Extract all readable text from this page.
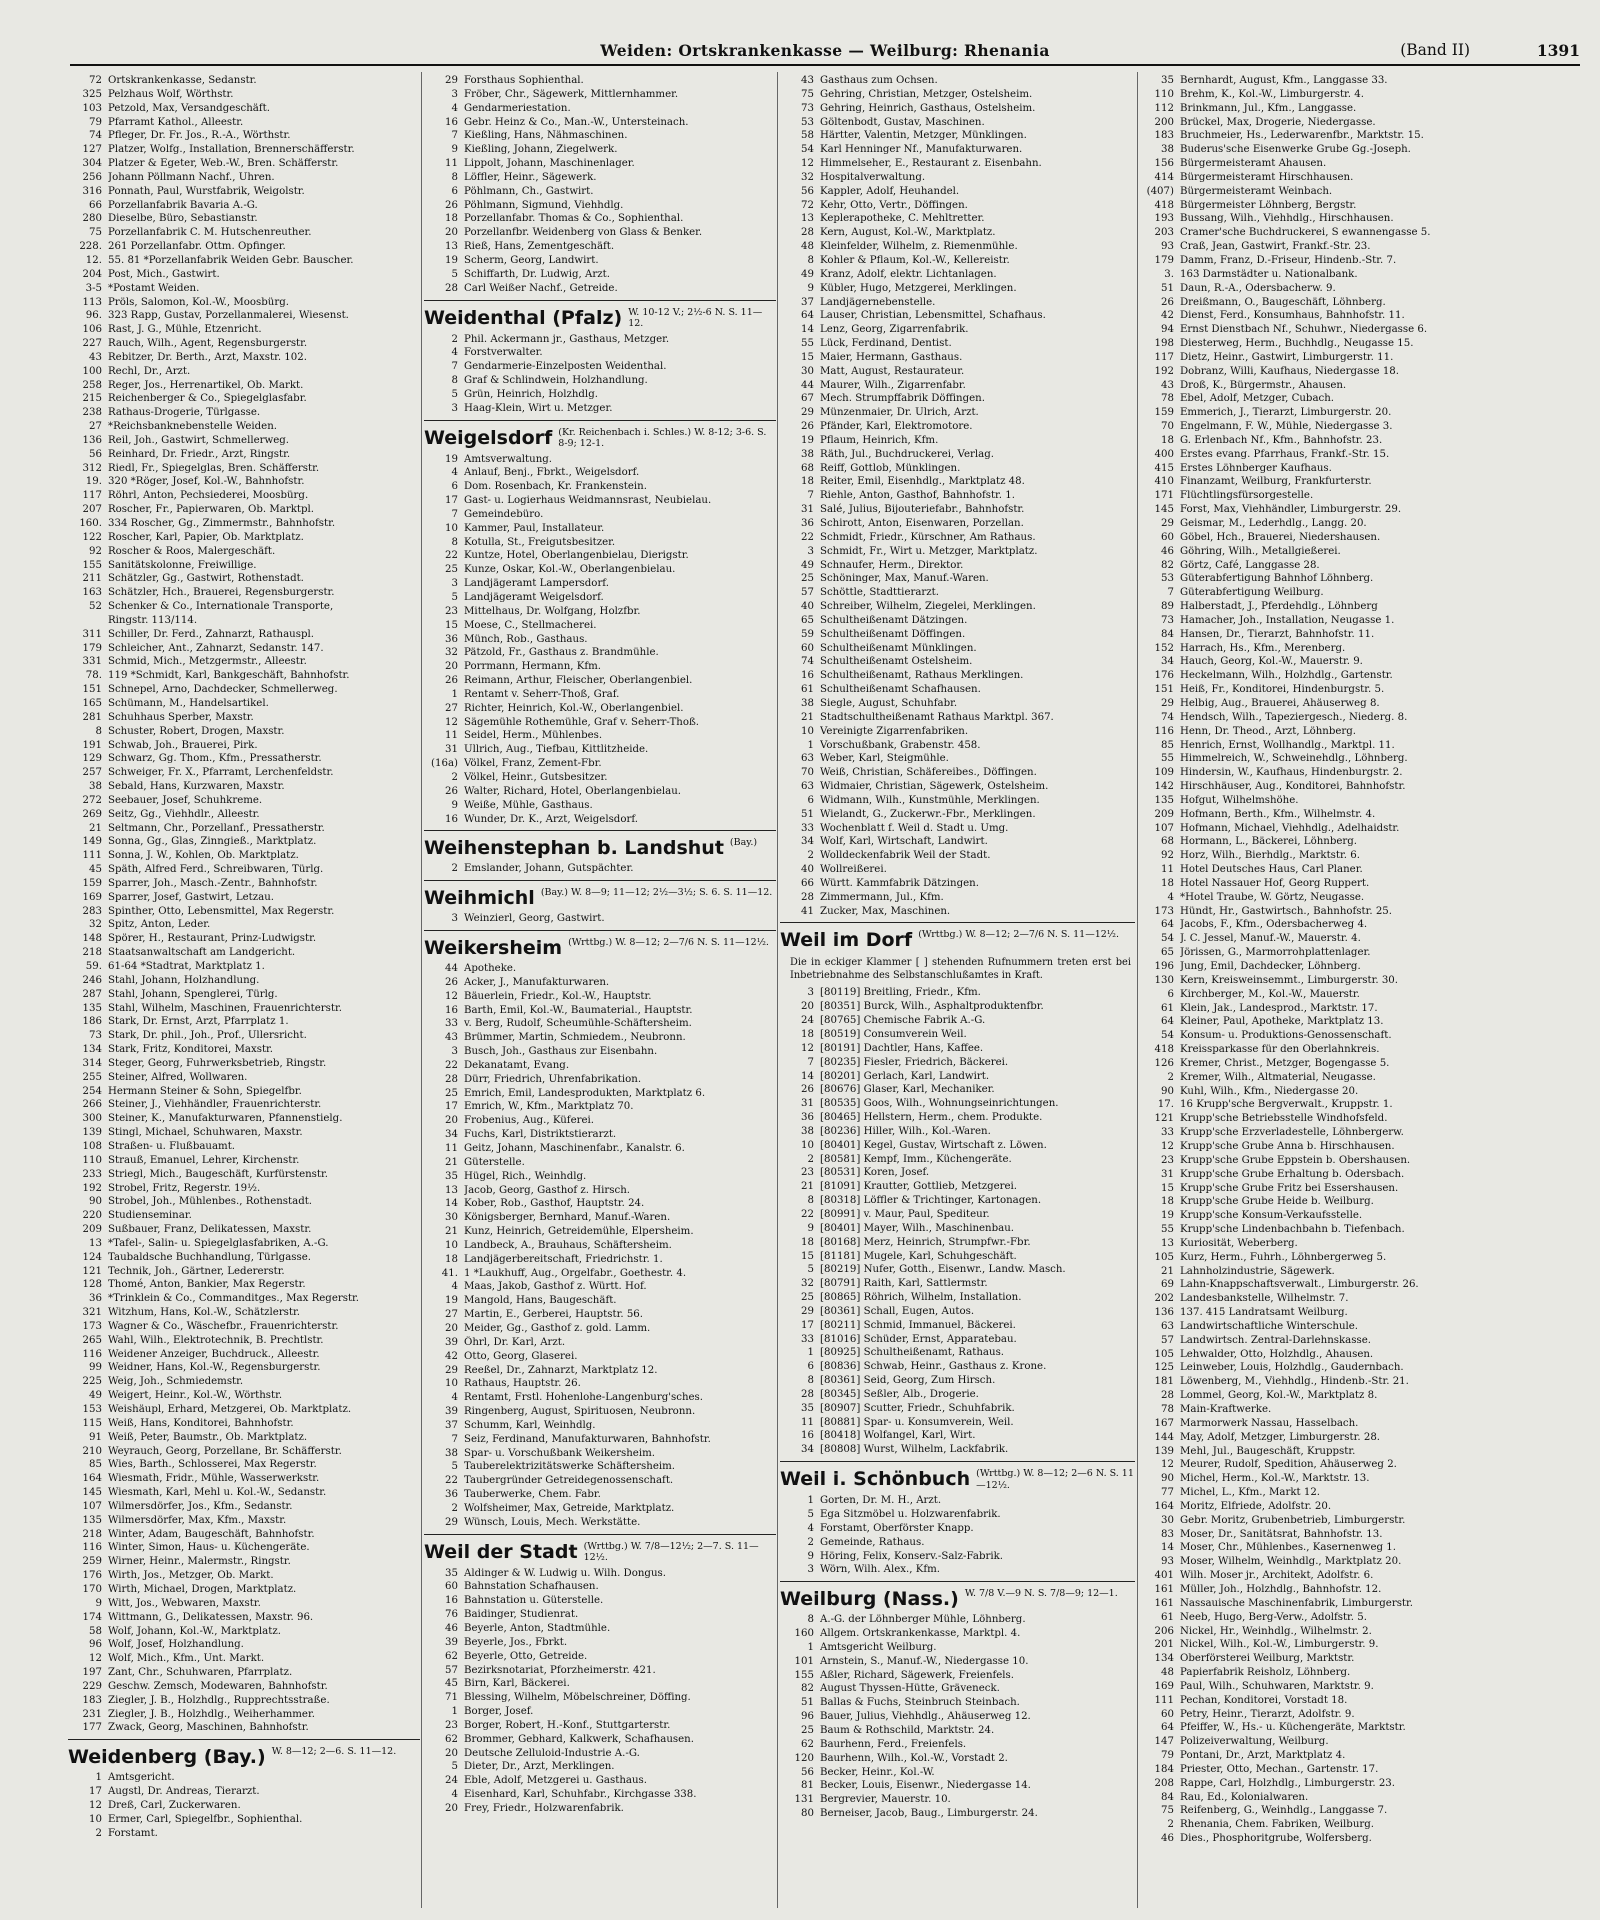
Weiden: Ortskrankenkasse — Weilburg: Rhenania	(Band II)	1391
72 Ortskrankenkasse, Sedanstr.
325 Pelzhaus Wolf, Wörthstr.
103 Petzold, Max, Versandgeschäft.
79 Pfarramt Kathol., Alleestr.
74 Pfleger, Dr. Fr. Jos., R.-A., Wörthstr.
127 Platzer, Wolfg., Installation, Brennerschäfferstr.
304 Platzer & Egeter, Web.-W., Bren. Schäfferstr.
256 Johann Pöllmann Nachf., Uhren.
316 Ponnath, Paul, Wurstfabrik, Weigolstr.
66 Porzellanfabrik Bavaria A.-G.
280 Dieselbe, Büro, Sebastianstr.
75 Porzellanfabrik C. M. Hutschenreuther.
228. 261 Porzellanfabr. Ottm. Opfinger.
12. 55. 81 *Porzellanfabrik Weiden Gebr. Bauscher.
204 Post, Mich., Gastwirt.
3-5 *Postamt Weiden.
113 Pröls, Salomon, Kol.-W., Moosbürg.
96. 323 Rapp, Gustav, Porzellanmalerei, Wiesenst.
106 Rast, J. G., Mühle, Etzenricht.
227 Rauch, Wilh., Agent, Regensburgerstr.
43 Rebitzer, Dr. Berth., Arzt, Maxstr. 102.
100 Rechl, Dr., Arzt.
258 Reger, Jos., Herrenartikel, Ob. Markt.
215 Reichenberger & Co., Spiegelglasfabr.
238 Rathaus-Drogerie, Türlgasse.
27 *Reichsbanknebenstelle Weiden.
136 Reil, Joh., Gastwirt, Schmellerweg.
56 Reinhard, Dr. Friedr., Arzt, Ringstr.
312 Riedl, Fr., Spiegelglas, Bren. Schäfferstr.
19. 320 *Röger, Josef, Kol.-W., Bahnhofstr.
117 Röhrl, Anton, Pechsiederei, Moosbürg.
207 Roscher, Fr., Papierwaren, Ob. Marktpl.
160. 334 Roscher, Gg., Zimmermstr., Bahnhofstr.
122 Roscher, Karl, Papier, Ob. Marktplatz.
92 Roscher & Roos, Malergeschäft.
155 Sanitätskolonne, Freiwillige.
211 Schätzler, Gg., Gastwirt, Rothenstadt.
163 Schätzler, Hch., Brauerei, Regensburgerstr.
52 Schenker & Co., Internationale Transporte,
Ringstr. 113/114.
311 Schiller, Dr. Ferd., Zahnarzt, Rathauspl.
179 Schleicher, Ant., Zahnarzt, Sedanstr. 147.
331 Schmid, Mich., Metzgermstr., Alleestr.
78. 119 *Schmidt, Karl, Bankgeschäft, Bahnhofstr.
151 Schnepel, Arno, Dachdecker, Schmellerweg.
165 Schümann, M., Handelsartikel.
281 Schuhhaus Sperber, Maxstr.
8 Schuster, Robert, Drogen, Maxstr.
191 Schwab, Joh., Brauerei, Pirk.
129 Schwarz, Gg. Thom., Kfm., Pressatherstr.
257 Schweiger, Fr. X., Pfarramt, Lerchenfeldstr.
38 Sebald, Hans, Kurzwaren, Maxstr.
272 Seebauer, Josef, Schuhkreme.
269 Seitz, Gg., Viehhdlr., Alleestr.
21 Seltmann, Chr., Porzellanf., Pressatherstr.
149 Sonna, Gg., Glas, Zinngieß., Marktplatz.
111 Sonna, J. W., Kohlen, Ob. Marktplatz.
45 Späth, Alfred Ferd., Schreibwaren, Türlg.
159 Sparrer, Joh., Masch.-Zentr., Bahnhofstr.
169 Sparrer, Josef, Gastwirt, Letzau.
283 Spinther, Otto, Lebensmittel, Max Regerstr.
32 Spitz, Anton, Leder.
148 Spörer, H., Restaurant, Prinz-Ludwigstr.
218 Staatsanwaltschaft am Landgericht.
59. 61-64 *Stadtrat, Marktplatz 1.
246 Stahl, Johann, Holzhandlung.
287 Stahl, Johann, Spenglerei, Türlg.
135 Stahl, Wilhelm, Maschinen, Frauenrichterstr.
186 Stark, Dr. Ernst, Arzt, Pfarrplatz 1.
73 Stark, Dr. phil., Joh., Prof., Ullersricht.
134 Stark, Fritz, Konditorei, Maxstr.
314 Steger, Georg, Fuhrwerksbetrieb, Ringstr.
255 Steiner, Alfred, Wollwaren.
254 Hermann Steiner & Sohn, Spiegelfbr.
266 Steiner, J., Viehhändler, Frauenrichterstr.
300 Steiner, K., Manufakturwaren, Pfannenstielg.
139 Stingl, Michael, Schuhwaren, Maxstr.
108 Straßen- u. Flußbauamt.
110 Strauß, Emanuel, Lehrer, Kirchenstr.
233 Striegl, Mich., Baugeschäft, Kurfürstenstr.
192 Strobel, Fritz, Regerstr. 19½.
90 Strobel, Joh., Mühlenbes., Rothenstadt.
220 Studienseminar.
209 Sußbauer, Franz, Delikatessen, Maxstr.
13 *Tafel-, Salin- u. Spiegelglasfabriken, A.-G.
124 Taubaldsche Buchhandlung, Türlgasse.
121 Technik, Joh., Gärtner, Ledererstr.
128 Thomé, Anton, Bankier, Max Regerstr.
36 *Trinklein & Co., Commanditges., Max Regerstr.
321 Witzhum, Hans, Kol.-W., Schätzlerstr.
173 Wagner & Co., Wäschefbr., Frauenrichterstr.
265 Wahl, Wilh., Elektrotechnik, B. Prechtlstr.
116 Weidener Anzeiger, Buchdruck., Alleestr.
99 Weidner, Hans, Kol.-W., Regensburgerstr.
225 Weig, Joh., Schmiedemstr.
49 Weigert, Heinr., Kol.-W., Wörthstr.
153 Weishäupl, Erhard, Metzgerei, Ob. Marktplatz.
115 Weiß, Hans, Konditorei, Bahnhofstr.
91 Weiß, Peter, Baumstr., Ob. Marktplatz.
210 Weyrauch, Georg, Porzellane, Br. Schäfferstr.
85 Wies, Barth., Schlosserei, Max Regerstr.
164 Wiesmath, Fridr., Mühle, Wasserwerkstr.
145 Wiesmath, Karl, Mehl u. Kol.-W., Sedanstr.
107 Wilmersdörfer, Jos., Kfm., Sedanstr.
135 Wilmersdörfer, Max, Kfm., Maxstr.
218 Winter, Adam, Baugeschäft, Bahnhofstr.
116 Winter, Simon, Haus- u. Küchengeräte.
259 Wirner, Heinr., Malermstr., Ringstr.
176 Wirth, Jos., Metzger, Ob. Markt.
170 Wirth, Michael, Drogen, Marktplatz.
9 Witt, Jos., Webwaren, Maxstr.
174 Wittmann, G., Delikatessen, Maxstr. 96.
58 Wolf, Johann, Kol.-W., Marktplatz.
96 Wolf, Josef, Holzhandlung.
12 Wolf, Mich., Kfm., Unt. Markt.
197 Zant, Chr., Schuhwaren, Pfarrplatz.
229 Geschw. Zemsch, Modewaren, Bahnhofstr.
183 Ziegler, J. B., Holzhdlg., Rupprechtsstraße.
231 Ziegler, J. B., Holzhdlg., Weiherhammer.
177 Zwack, Georg, Maschinen, Bahnhofstr.
Weidenberg (Bay.) W. 8—12; 2—6. S. 11—12.
1 Amtsgericht.
17 Augstl, Dr. Andreas, Tierarzt.
12 Dreß, Carl, Zuckerwaren.
10 Ermer, Carl, Spiegelfbr., Sophienthal.
2 Forstamt.
29 Forsthaus Sophienthal.
3 Fröber, Chr., Sägewerk, Mittlernhammer.
4 Gendarmeriestation.
16 Gebr. Heinz & Co., Man.-W., Untersteinach.
7 Kießling, Hans, Nähmaschinen.
9 Kießling, Johann, Ziegelwerk.
11 Lippolt, Johann, Maschinenlager.
8 Löffler, Heinr., Sägewerk.
6 Pöhlmann, Ch., Gastwirt.
26 Pöhlmann, Sigmund, Viehhdlg.
18 Porzellanfabr. Thomas & Co., Sophienthal.
20 Porzellanfbr. Weidenberg von Glass & Benker.
13 Rieß, Hans, Zementgeschäft.
19 Scherm, Georg, Landwirt.
5 Schiffarth, Dr. Ludwig, Arzt.
28 Carl Weißer Nachf., Getreide.
Weidenthal (Pfalz) W. 10-12 V.; 2½-6 N. S. 11—12.
2 Phil. Ackermann jr., Gasthaus, Metzger.
4 Forstverwalter.
7 Gendarmerie-Einzelposten Weidenthal.
8 Graf & Schlindwein, Holzhandlung.
5 Grün, Heinrich, Holzhdlg.
3 Haag-Klein, Wirt u. Metzger.
Weigelsdorf (Kr. Reichenbach i. Schles.) W. 8-12; 3-6. S. 8-9; 12-1.
19 Amtsverwaltung.
4 Anlauf, Benj., Fbrkt., Weigelsdorf.
6 Dom. Rosenbach, Kr. Frankenstein.
17 Gast- u. Logierhaus Weidmannsrast, Neubielau.
7 Gemeindebüro.
10 Kammer, Paul, Installateur.
8 Kotulla, St., Freigutsbesitzer.
22 Kuntze, Hotel, Oberlangenbielau, Dierigstr.
25 Kunze, Oskar, Kol.-W., Oberlangenbielau.
3 Landjägeramt Lampersdorf.
5 Landjägeramt Weigelsdorf.
23 Mittelhaus, Dr. Wolfgang, Holzfbr.
15 Moese, C., Stellmacherei.
36 Münch, Rob., Gasthaus.
32 Pätzold, Fr., Gasthaus z. Brandmühle.
20 Porrmann, Hermann, Kfm.
26 Reimann, Arthur, Fleischer, Oberlangenbiel.
1 Rentamt v. Seherr-Thoß, Graf.
27 Richter, Heinrich, Kol.-W., Oberlangenbiel.
12 Sägemühle Rothemühle, Graf v. Seherr-Thoß.
11 Seidel, Herm., Mühlenbes.
31 Ullrich, Aug., Tiefbau, Kittlitzheide.
(16a) Völkel, Franz, Zement-Fbr.
2 Völkel, Heinr., Gutsbesitzer.
26 Walter, Richard, Hotel, Oberlangenbielau.
9 Weiße, Mühle, Gasthaus.
16 Wunder, Dr. K., Arzt, Weigelsdorf.
Weihenstephan b. Landshut (Bay.)
2 Emslander, Johann, Gutspächter.
Weihmichl (Bay.) W. 8—9; 11—12; 2½—3½; S. 6. S. 11—12.
3 Weinzierl, Georg, Gastwirt.
Weikersheim (Wrttbg.) W. 8—12; 2—7/6 N. S. 11—12½.
44 Apotheke.
26 Acker, J., Manufakturwaren.
12 Bäuerlein, Friedr., Kol.-W., Hauptstr.
16 Barth, Emil, Kol.-W., Baumaterial., Hauptstr.
33 v. Berg, Rudolf, Scheumühle-Schäftersheim.
43 Brümmer, Martin, Schmiedem., Neubronn.
3 Busch, Joh., Gasthaus zur Eisenbahn.
22 Dekanatamt, Evang.
28 Dürr, Friedrich, Uhrenfabrikation.
25 Emrich, Emil, Landesprodukten, Marktplatz 6.
17 Emrich, W., Kfm., Marktplatz 70.
20 Frobenius, Aug., Küferei.
34 Fuchs, Karl, Distriktstierarzt.
11 Geitz, Johann, Maschinenfabr., Kanalstr. 6.
21 Güterstelle.
35 Hügel, Rich., Weinhdlg.
13 Jacob, Georg, Gasthof z. Hirsch.
14 Kober, Rob., Gasthof, Hauptstr. 24.
30 Königsberger, Bernhard, Manuf.-Waren.
21 Kunz, Heinrich, Getreidemühle, Elpersheim.
10 Landbeck, A., Brauhaus, Schäftersheim.
18 Landjägerbereitschaft, Friedrichstr. 1.
41. 1 *Laukhuff, Aug., Orgelfabr., Goethestr. 4.
4 Maas, Jakob, Gasthof z. Württ. Hof.
19 Mangold, Hans, Baugeschäft.
27 Martin, E., Gerberei, Hauptstr. 56.
20 Meider, Gg., Gasthof z. gold. Lamm.
39 Öhrl, Dr. Karl, Arzt.
42 Otto, Georg, Glaserei.
29 Reeßel, Dr., Zahnarzt, Marktplatz 12.
10 Rathaus, Hauptstr. 26.
4 Rentamt, Frstl. Hohenlohe-Langenburg'sches.
39 Ringenberg, August, Spirituosen, Neubronn.
37 Schumm, Karl, Weinhdlg.
7 Seiz, Ferdinand, Manufakturwaren, Bahnhofstr.
38 Spar- u. Vorschußbank Weikersheim.
5 Tauberelektrizitätswerke Schäftersheim.
22 Taubergründer Getreidegenossenschaft.
36 Tauberwerke, Chem. Fabr.
2 Wolfsheimer, Max, Getreide, Marktplatz.
29 Wünsch, Louis, Mech. Werkstätte.
Weil der Stadt (Wrttbg.) W. 7/8—12½; 2—7. S. 11—12½.
35 Aldinger & W. Ludwig u. Wilh. Dongus.
60 Bahnstation Schafhausen.
16 Bahnstation u. Güterstelle.
76 Baidinger, Studienrat.
46 Beyerle, Anton, Stadtmühle.
39 Beyerle, Jos., Fbrkt.
62 Beyerle, Otto, Getreide.
57 Bezirksnotariat, Pforzheimerstr. 421.
45 Birn, Karl, Bäckerei.
71 Blessing, Wilhelm, Möbelschreiner, Döffing.
1 Borger, Josef.
23 Borger, Robert, H.-Konf., Stuttgarterstr.
62 Brommer, Gebhard, Kalkwerk, Schafhausen.
20 Deutsche Zelluloid-Industrie A.-G.
5 Dieter, Dr., Arzt, Merklingen.
24 Eble, Adolf, Metzgerei u. Gasthaus.
4 Eisenhard, Karl, Schuhfabr., Kirchgasse 338.
20 Frey, Friedr., Holzwarenfabrik.
43 Gasthaus zum Ochsen.
75 Gehring, Christian, Metzger, Ostelsheim.
73 Gehring, Heinrich, Gasthaus, Ostelsheim.
53 Göltenbodt, Gustav, Maschinen.
58 Härtter, Valentin, Metzger, Münklingen.
54 Karl Henninger Nf., Manufakturwaren.
12 Himmelseher, E., Restaurant z. Eisenbahn.
32 Hospitalverwaltung.
56 Kappler, Adolf, Heuhandel.
72 Kehr, Otto, Vertr., Döffingen.
13 Keplerapotheke, C. Mehltretter.
28 Kern, August, Kol.-W., Marktplatz.
48 Kleinfelder, Wilhelm, z. Riemenmühle.
8 Kohler & Pflaum, Kol.-W., Kellereistr.
49 Kranz, Adolf, elektr. Lichtanlagen.
9 Kübler, Hugo, Metzgerei, Merklingen.
37 Landjägernebenstelle.
64 Lauser, Christian, Lebensmittel, Schafhaus.
14 Lenz, Georg, Zigarrenfabrik.
55 Lück, Ferdinand, Dentist.
15 Maier, Hermann, Gasthaus.
30 Matt, August, Restaurateur.
44 Maurer, Wilh., Zigarrenfabr.
67 Mech. Strumpffabrik Döffingen.
29 Münzenmaier, Dr. Ulrich, Arzt.
26 Pfänder, Karl, Elektromotore.
19 Pflaum, Heinrich, Kfm.
38 Räth, Jul., Buchdruckerei, Verlag.
68 Reiff, Gottlob, Münklingen.
18 Reiter, Emil, Eisenhdlg., Marktplatz 48.
7 Riehle, Anton, Gasthof, Bahnhofstr. 1.
31 Salé, Julius, Bijouteriefabr., Bahnhofstr.
36 Schirott, Anton, Eisenwaren, Porzellan.
22 Schmidt, Friedr., Kürschner, Am Rathaus.
3 Schmidt, Fr., Wirt u. Metzger, Marktplatz.
49 Schnaufer, Herm., Direktor.
25 Schöninger, Max, Manuf.-Waren.
57 Schöttle, Stadttierarzt.
40 Schreiber, Wilhelm, Ziegelei, Merklingen.
65 Schultheißenamt Dätzingen.
59 Schultheißenamt Döffingen.
60 Schultheißenamt Münklingen.
74 Schultheißenamt Ostelsheim.
16 Schultheißenamt, Rathaus Merklingen.
61 Schultheißenamt Schafhausen.
38 Siegle, August, Schuhfabr.
21 Stadtschultheißenamt Rathaus Marktpl. 367.
10 Vereinigte Zigarrenfabriken.
1 Vorschußbank, Grabenstr. 458.
63 Weber, Karl, Steigmühle.
70 Weiß, Christian, Schäfereibes., Döffingen.
63 Widmaier, Christian, Sägewerk, Ostelsheim.
6 Widmann, Wilh., Kunstmühle, Merklingen.
51 Wielandt, G., Zuckerwr.-Fbr., Merklingen.
33 Wochenblatt f. Weil d. Stadt u. Umg.
34 Wolf, Karl, Wirtschaft, Landwirt.
2 Wolldeckenfabrik Weil der Stadt.
40 Wollreißerei.
66 Württ. Kammfabrik Dätzingen.
28 Zimmermann, Jul., Kfm.
41 Zucker, Max, Maschinen.
Weil im Dorf (Wrttbg.) W. 8—12; 2—7/6 N. S. 11—12½.
Die in eckiger Klammer [ ] stehenden Rufnummern treten erst bei Inbetriebnahme des Selbstanschlußamtes in Kraft.
3 [80119] Breitling, Friedr., Kfm.
20 [80351] Burck, Wilh., Asphaltproduktenfbr.
24 [80765] Chemische Fabrik A.-G.
18 [80519] Consumverein Weil.
12 [80191] Dachtler, Hans, Kaffee.
7 [80235] Fiesler, Friedrich, Bäckerei.
14 [80201] Gerlach, Karl, Landwirt.
26 [80676] Glaser, Karl, Mechaniker.
31 [80535] Goos, Wilh., Wohnungseinrichtungen.
36 [80465] Hellstern, Herm., chem. Produkte.
38 [80236] Hiller, Wilh., Kol.-Waren.
10 [80401] Kegel, Gustav, Wirtschaft z. Löwen.
2 [80581] Kempf, Imm., Küchengeräte.
23 [80531] Koren, Josef.
21 [81091] Krautter, Gottlieb, Metzgerei.
8 [80318] Löffler & Trichtinger, Kartonagen.
22 [80991] v. Maur, Paul, Spediteur.
9 [80401] Mayer, Wilh., Maschinenbau.
18 [80168] Merz, Heinrich, Strumpfwr.-Fbr.
15 [81181] Mugele, Karl, Schuhgeschäft.
5 [80219] Nufer, Gotth., Eisenwr., Landw. Masch.
32 [80791] Raith, Karl, Sattlermstr.
25 [80865] Röhrich, Wilhelm, Installation.
29 [80361] Schall, Eugen, Autos.
17 [80211] Schmid, Immanuel, Bäckerei.
33 [81016] Schüder, Ernst, Apparatebau.
1 [80925] Schultheißenamt, Rathaus.
6 [80836] Schwab, Heinr., Gasthaus z. Krone.
8 [80361] Seid, Georg, Zum Hirsch.
28 [80345] Seßler, Alb., Drogerie.
35 [80907] Scutter, Friedr., Schuhfabrik.
11 [80881] Spar- u. Konsumverein, Weil.
16 [80418] Wolfangel, Karl, Wirt.
34 [80808] Wurst, Wilhelm, Lackfabrik.
Weil i. Schönbuch (Wrttbg.) W. 8—12; 2—6 N. S. 11—12½.
1 Gorten, Dr. M. H., Arzt.
5 Ega Sitzmöbel u. Holzwarenfabrik.
4 Forstamt, Oberförster Knapp.
2 Gemeinde, Rathaus.
9 Höring, Felix, Konserv.-Salz-Fabrik.
3 Wörn, Wilh. Alex., Kfm.
Weilburg (Nass.) W. 7/8 V.—9 N. S. 7/8—9; 12—1.
8 A.-G. der Löhnberger Mühle, Löhnberg.
160 Allgem. Ortskrankenkasse, Marktpl. 4.
1 Amtsgericht Weilburg.
101 Arnstein, S., Manuf.-W., Niedergasse 10.
155 Aßler, Richard, Sägewerk, Freienfels.
82 August Thyssen-Hütte, Gräveneck.
51 Ballas & Fuchs, Steinbruch Steinbach.
96 Bauer, Julius, Viehhdlg., Ahäuserweg 12.
25 Baum & Rothschild, Marktstr. 24.
62 Baurhenn, Ferd., Freienfels.
120 Baurhenn, Wilh., Kol.-W., Vorstadt 2.
56 Becker, Heinr., Kol.-W.
81 Becker, Louis, Eisenwr., Niedergasse 14.
131 Bergrevier, Mauerstr. 10.
80 Berneiser, Jacob, Baug., Limburgerstr. 24.
35 Bernhardt, August, Kfm., Langgasse 33.
110 Brehm, K., Kol.-W., Limburgerstr. 4.
112 Brinkmann, Jul., Kfm., Langgasse.
200 Brückel, Max, Drogerie, Niedergasse.
183 Bruchmeier, Hs., Lederwarenfbr., Marktstr. 15.
38 Buderus'sche Eisenwerke Grube Gg.-Joseph.
156 Bürgermeisteramt Ahausen.
414 Bürgermeisteramt Hirschhausen.
(407) Bürgermeisteramt Weinbach.
418 Bürgermeister Löhnberg, Bergstr.
193 Bussang, Wilh., Viehhdlg., Hirschhausen.
203 Cramer'sche Buchdruckerei, S ewannengasse 5.
93 Craß, Jean, Gastwirt, Frankf.-Str. 23.
179 Damm, Franz, D.-Friseur, Hindenb.-Str. 7.
3. 163 Darmstädter u. Nationalbank.
51 Daun, R.-A., Odersbacherw. 9.
26 Dreißmann, O., Baugeschäft, Löhnberg.
42 Dienst, Ferd., Konsumhaus, Bahnhofstr. 11.
94 Ernst Dienstbach Nf., Schuhwr., Niedergasse 6.
198 Diesterweg, Herm., Buchhdlg., Neugasse 15.
117 Dietz, Heinr., Gastwirt, Limburgerstr. 11.
192 Dobranz, Willi, Kaufhaus, Niedergasse 18.
43 Droß, K., Bürgermstr., Ahausen.
78 Ebel, Adolf, Metzger, Cubach.
159 Emmerich, J., Tierarzt, Limburgerstr. 20.
70 Engelmann, F. W., Mühle, Niedergasse 3.
18 G. Erlenbach Nf., Kfm., Bahnhofstr. 23.
400 Erstes evang. Pfarrhaus, Frankf.-Str. 15.
415 Erstes Löhnberger Kaufhaus.
410 Finanzamt, Weilburg, Frankfurterstr.
171 Flüchtlingsfürsorgestelle.
145 Forst, Max, Viehhändler, Limburgerstr. 29.
29 Geismar, M., Lederhdlg., Langg. 20.
60 Göbel, Hch., Brauerei, Niedershausen.
46 Göhring, Wilh., Metallgießerei.
82 Görtz, Café, Langgasse 28.
53 Güterabfertigung Bahnhof Löhnberg.
7 Güterabfertigung Weilburg.
89 Halberstadt, J., Pferdehdlg., Löhnberg
73 Hamacher, Joh., Installation, Neugasse 1.
84 Hansen, Dr., Tierarzt, Bahnhofstr. 11.
152 Harrach, Hs., Kfm., Merenberg.
34 Hauch, Georg, Kol.-W., Mauerstr. 9.
176 Heckelmann, Wilh., Holzhdlg., Gartenstr.
151 Heiß, Fr., Konditorei, Hindenburgstr. 5.
29 Helbig, Aug., Brauerei, Ahäuserweg 8.
74 Hendsch, Wilh., Tapeziergesch., Niederg. 8.
116 Henn, Dr. Theod., Arzt, Löhnberg.
85 Henrich, Ernst, Wollhandlg., Marktpl. 11.
55 Himmelreich, W., Schweinehdlg., Löhnberg.
109 Hindersin, W., Kaufhaus, Hindenburgstr. 2.
142 Hirschhäuser, Aug., Konditorei, Bahnhofstr.
135 Hofgut, Wilhelmshöhe.
209 Hofmann, Berth., Kfm., Wilhelmstr. 4.
107 Hofmann, Michael, Viehhdlg., Adelhaidstr.
68 Hormann, L., Bäckerei, Löhnberg.
92 Horz, Wilh., Bierhdlg., Marktstr. 6.
11 Hotel Deutsches Haus, Carl Planer.
18 Hotel Nassauer Hof, Georg Ruppert.
4 *Hotel Traube, W. Görtz, Neugasse.
173 Hündt, Hr., Gastwirtsch., Bahnhofstr. 25.
64 Jacobs, F., Kfm., Odersbacherweg 4.
54 J. C. Jessel, Manuf.-W., Mauerstr. 4.
65 Jörissen, G., Marmorrohplattenlager.
196 Jung, Emil, Dachdecker, Löhnberg.
130 Kern, Kreisweinsemmt., Limburgerstr. 30.
6 Kirchberger, M., Kol.-W., Mauerstr.
61 Klein, Jak., Landesprod., Marktstr. 17.
64 Kleiner, Paul, Apotheke, Marktplatz 13.
54 Konsum- u. Produktions-Genossenschaft.
418 Kreissparkasse für den Oberlahnkreis.
126 Kremer, Christ., Metzger, Bogengasse 5.
2 Kremer, Wilh., Altmaterial, Neugasse.
90 Kuhl, Wilh., Kfm., Niedergasse 20.
17. 16 Krupp'sche Bergverwalt., Kruppstr. 1.
121 Krupp'sche Betriebsstelle Windhofsfeld.
33 Krupp'sche Erzverladestelle, Löhnbergerw.
12 Krupp'sche Grube Anna b. Hirschhausen.
23 Krupp'sche Grube Eppstein b. Obershausen.
31 Krupp'sche Grube Erhaltung b. Odersbach.
15 Krupp'sche Grube Fritz bei Essershausen.
18 Krupp'sche Grube Heide b. Weilburg.
19 Krupp'sche Konsum-Verkaufsstelle.
55 Krupp'sche Lindenbachbahn b. Tiefenbach.
13 Kuriosität, Weberberg.
105 Kurz, Herm., Fuhrh., Löhnbergerweg 5.
21 Lahnholzindustrie, Sägewerk.
69 Lahn-Knappschaftsverwalt., Limburgerstr. 26.
202 Landesbankstelle, Wilhelmstr. 7.
136 137. 415 Landratsamt Weilburg.
63 Landwirtschaftliche Winterschule.
57 Landwirtsch. Zentral-Darlehnskasse.
105 Lehwalder, Otto, Holzhdlg., Ahausen.
125 Leinweber, Louis, Holzhdlg., Gaudernbach.
181 Löwenberg, M., Viehhdlg., Hindenb.-Str. 21.
28 Lommel, Georg, Kol.-W., Marktplatz 8.
78 Main-Kraftwerke.
167 Marmorwerk Nassau, Hasselbach.
144 May, Adolf, Metzger, Limburgerstr. 28.
139 Mehl, Jul., Baugeschäft, Kruppstr.
12 Meurer, Rudolf, Spedition, Ahäuserweg 2.
90 Michel, Herm., Kol.-W., Marktstr. 13.
77 Michel, L., Kfm., Markt 12.
164 Moritz, Elfriede, Adolfstr. 20.
30 Gebr. Moritz, Grubenbetrieb, Limburgerstr.
83 Moser, Dr., Sanitätsrat, Bahnhofstr. 13.
14 Moser, Chr., Mühlenbes., Kasernenweg 1.
93 Moser, Wilhelm, Weinhdlg., Marktplatz 20.
401 Wilh. Moser jr., Architekt, Adolfstr. 6.
161 Müller, Joh., Holzhdlg., Bahnhofstr. 12.
161 Nassauische Maschinenfabrik, Limburgerstr.
61 Neeb, Hugo, Berg-Verw., Adolfstr. 5.
206 Nickel, Hr., Weinhdlg., Wilhelmstr. 2.
201 Nickel, Wilh., Kol.-W., Limburgerstr. 9.
134 Oberförsterei Weilburg, Marktstr.
48 Papierfabrik Reisholz, Löhnberg.
169 Paul, Wilh., Schuhwaren, Marktstr. 9.
111 Pechan, Konditorei, Vorstadt 18.
60 Petry, Heinr., Tierarzt, Adolfstr. 9.
64 Pfeiffer, W., Hs.- u. Küchengeräte, Marktstr.
147 Polizeiverwaltung, Weilburg.
79 Pontani, Dr., Arzt, Marktplatz 4.
184 Priester, Otto, Mechan., Gartenstr. 17.
208 Rappe, Carl, Holzhdlg., Limburgerstr. 23.
84 Rau, Ed., Kolonialwaren.
75 Reifenberg, G., Weinhdlg., Langgasse 7.
2 Rhenania, Chem. Fabriken, Weilburg.
46 Dies., Phosphoritgrube, Wolfersberg.
